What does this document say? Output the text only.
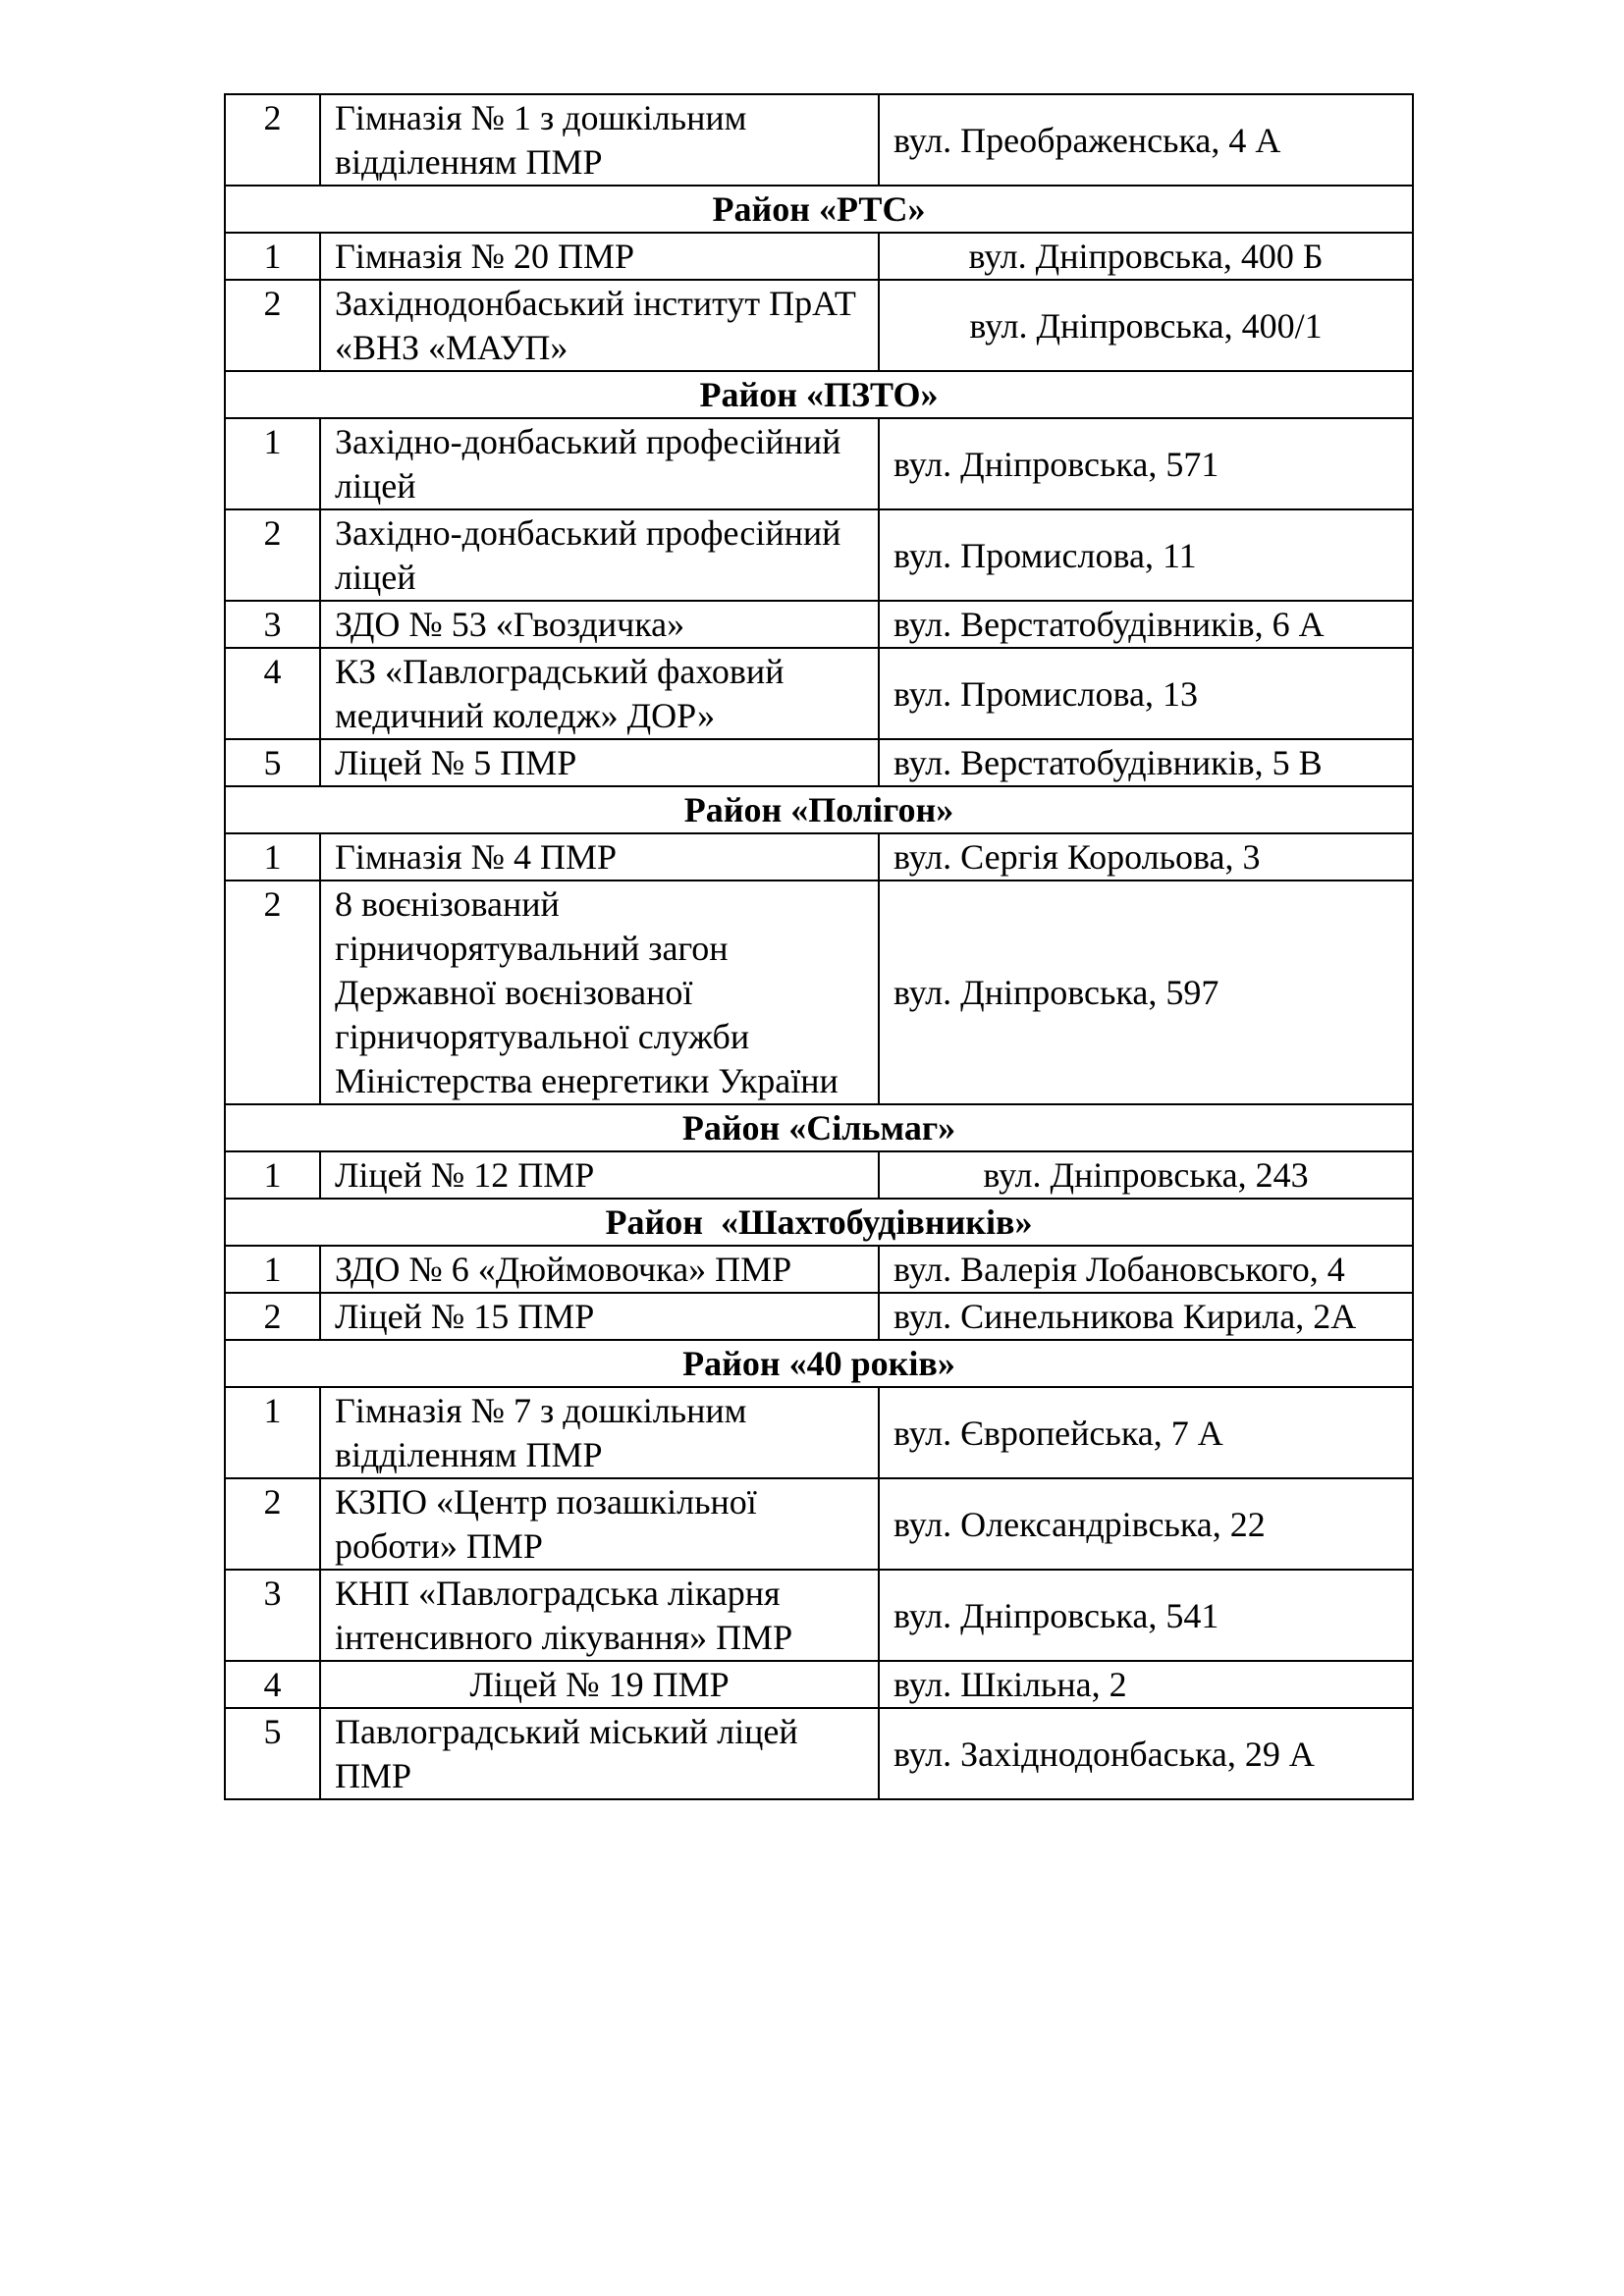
2	Гімназія № 1 з дошкільним відділенням ПМР	вул. Преображенська, 4 А
Район «РТС»		
1	Гімназія № 20 ПМР	вул. Дніпровська, 400 Б
2	Західнодонбаський інститут ПрАТ «ВНЗ «МАУП»	вул. Дніпровська, 400/1
Район «ПЗТО»		
1	Західно-донбаський професійний ліцей	вул. Дніпровська, 571
2	Західно-донбаський професійний ліцей	вул. Промислова, 11
3	ЗДО № 53 «Гвоздичка»	вул. Верстатобудівників, 6 А
4	КЗ «Павлоградський фаховий медичний коледж» ДОР»	вул. Промислова, 13
5	Ліцей № 5 ПМР	вул. Верстатобудівників, 5 В
Район «Полігон»		
1	Гімназія № 4 ПМР	вул. Сергія Корольова, 3
2	8 воєнізований гірничорятувальний загон Державної воєнізованої гірничорятувальної служби Міністерства енергетики України	вул. Дніпровська, 597
Район «Сільмаг»		
1	Ліцей № 12 ПМР	вул. Дніпровська, 243
Район  «Шахтобудівників»		
1	ЗДО № 6 «Дюймовочка» ПМР	вул. Валерія Лобановського, 4
2	Ліцей № 15 ПМР	вул. Синельникова Кирила, 2А
Район «40 років»		
1	Гімназія № 7 з дошкільним відділенням ПМР	вул. Європейська, 7 А
2	КЗПО «Центр позашкільної роботи» ПМР	вул. Олександрівська, 22
3	КНП «Павлоградська лікарня інтенсивного лікування» ПМР	вул. Дніпровська, 541
4	Ліцей № 19 ПМР	вул. Шкільна, 2
5	Павлоградський міський ліцей ПМР	вул. Західнодонбаська, 29 А
